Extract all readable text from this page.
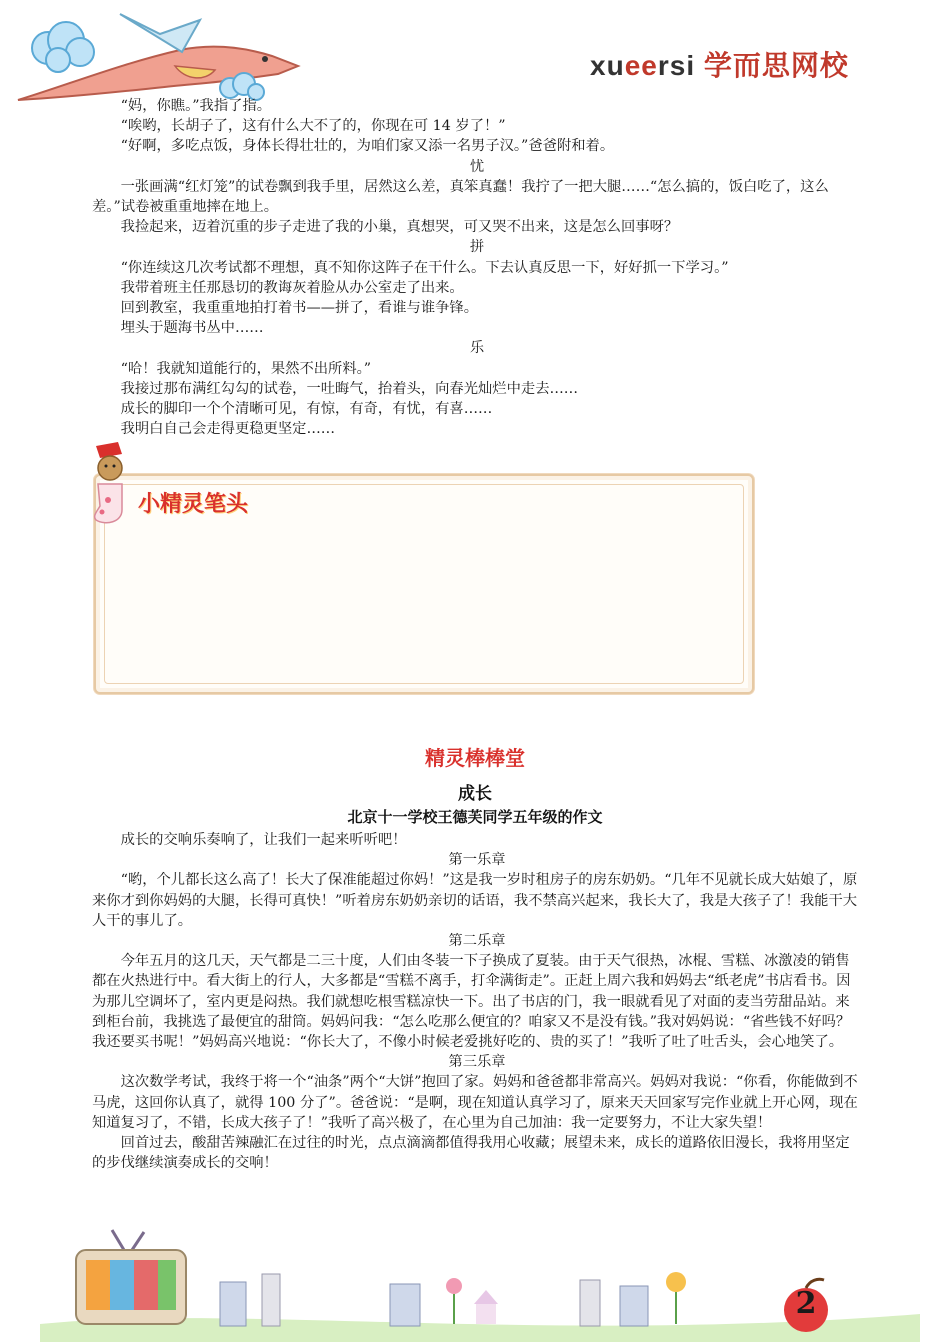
xueersi 学而思网校

“妈，你瞧。”我指了指。

“唉哟，长胡子了，这有什么大不了的，你现在可 14 岁了！”

“好啊，多吃点饭，身体长得壮壮的，为咱们家又添一名男子汉。”爸爸附和着。

忧

一张画满“红灯笼”的试卷飘到我手里，居然这么差，真笨真蠢！我拧了一把大腿……“怎么搞的，饭白吃了，这么差。”试卷被重重地摔在地上。

我捡起来，迈着沉重的步子走进了我的小巢，真想哭，可又哭不出来，这是怎么回事呀？

拼

“你连续这几次考试都不理想，真不知你这阵子在干什么。下去认真反思一下，好好抓一下学习。”

我带着班主任那恳切的教诲灰着脸从办公室走了出来。

回到教室，我重重地拍打着书——拼了，看谁与谁争锋。

埋头于题海书丛中……

乐

“哈！我就知道能行的，果然不出所料。”

我接过那布满红勾勾的试卷，一吐晦气，抬着头，向春光灿烂中走去……

成长的脚印一个个清晰可见，有惊，有奇，有忧，有喜……

我明白自己会走得更稳更坚定……

小精灵笔头
精灵棒棒堂
成长
北京十一学校王德芙同学五年级的作文

成长的交响乐奏响了，让我们一起来听听吧！

第一乐章

“哟，个儿都长这么高了！长大了保准能超过你妈！”这是我一岁时租房子的房东奶奶。“几年不见就长成大姑娘了，原来你才到你妈妈的大腿，长得可真快！”听着房东奶奶亲切的话语，我不禁高兴起来，我长大了，我是大孩子了！我能干大人干的事儿了。

第二乐章

今年五月的这几天，天气都是二三十度，人们由冬装一下子换成了夏装。由于天气很热，冰棍、雪糕、冰激凌的销售都在火热进行中。看大街上的行人，大多都是“雪糕不离手，打伞满街走”。正赶上周六我和妈妈去“纸老虎”书店看书。因为那儿空调坏了，室内更是闷热。我们就想吃根雪糕凉快一下。出了书店的门，我一眼就看见了对面的麦当劳甜品站。来到柜台前，我挑选了最便宜的甜筒。妈妈问我：“怎么吃那么便宜的？咱家又不是没有钱。”我对妈妈说：“省些钱不好吗？我还要买书呢！”妈妈高兴地说：“你长大了，不像小时候老爱挑好吃的、贵的买了！”我听了吐了吐舌头，会心地笑了。

第三乐章

这次数学考试，我终于将一个“油条”两个“大饼”抱回了家。妈妈和爸爸都非常高兴。妈妈对我说：“你看，你能做到不马虎，这回你认真了，就得 100 分了”。爸爸说：“是啊，现在知道认真学习了，原来天天回家写完作业就上开心网，现在知道复习了，不错，长成大孩子了！”我听了高兴极了，在心里为自己加油：我一定要努力，不让大家失望！

回首过去，酸甜苦辣融汇在过往的时光，点点滴滴都值得我用心收藏；展望未来，成长的道路依旧漫长，我将用坚定的步伐继续演奏成长的交响！

2
